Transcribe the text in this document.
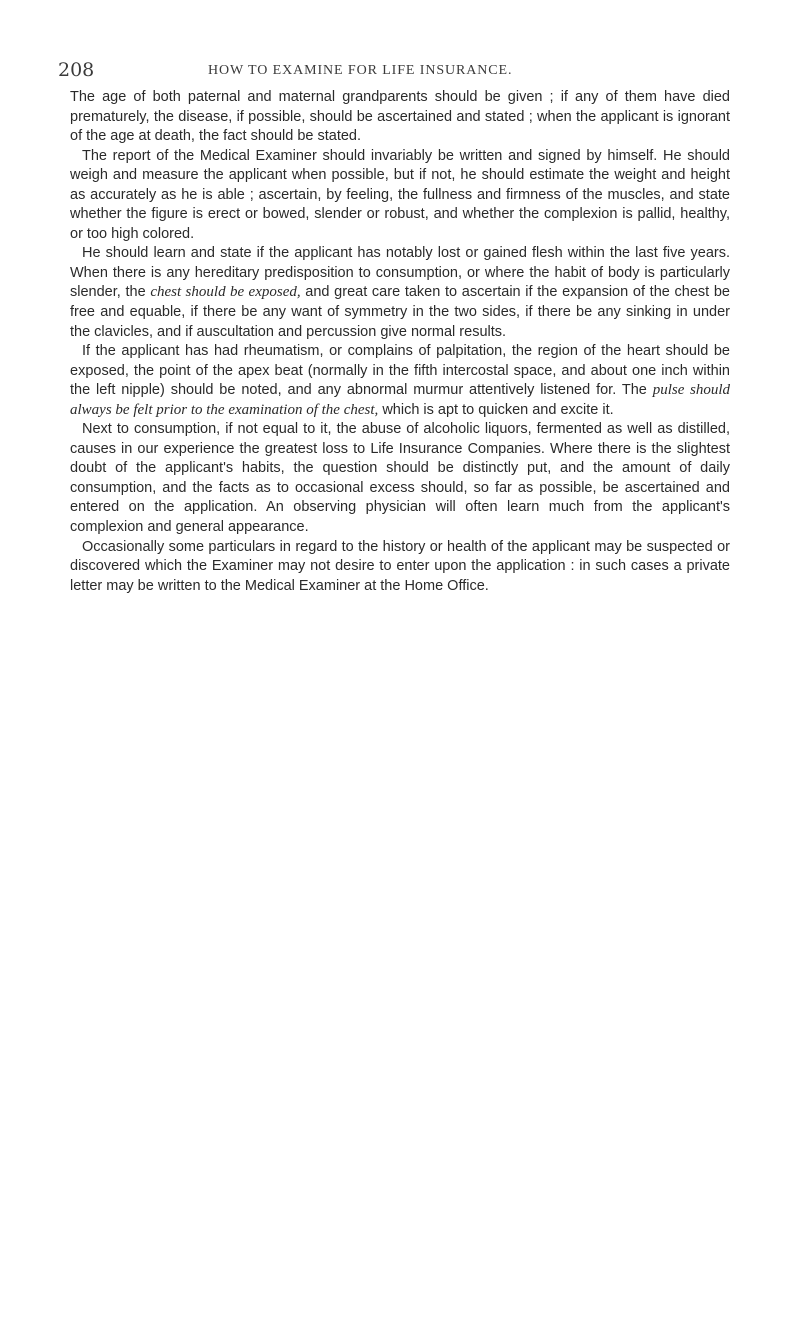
208	HOW TO EXAMINE FOR LIFE INSURANCE.

The age of both paternal and maternal grandparents should be given ; if any of them have died prematurely, the disease, if possible, should be ascertained and stated ; when the applicant is ignorant of the age at death, the fact should be stated.

The report of the Medical Examiner should invariably be written and signed by himself. He should weigh and measure the applicant when possible, but if not, he should estimate the weight and height as accurately as he is able ; ascertain, by feeling, the fullness and firmness of the muscles, and state whether the figure is erect or bowed, slender or robust, and whether the complexion is pallid, healthy, or too high colored.

He should learn and state if the applicant has notably lost or gained flesh within the last five years. When there is any hereditary predisposition to consumption, or where the habit of body is particularly slender, the chest should be exposed, and great care taken to ascertain if the expansion of the chest be free and equable, if there be any want of symmetry in the two sides, if there be any sinking in under the clavicles, and if auscultation and percussion give normal results.

If the applicant has had rheumatism, or complains of palpitation, the region of the heart should be exposed, the point of the apex beat (normally in the fifth intercostal space, and about one inch within the left nipple) should be noted, and any abnormal murmur attentively listened for. The pulse should always be felt prior to the examination of the chest, which is apt to quicken and excite it.

Next to consumption, if not equal to it, the abuse of alcoholic liquors, fermented as well as distilled, causes in our experience the greatest loss to Life Insurance Companies. Where there is the slightest doubt of the applicant's habits, the question should be distinctly put, and the amount of daily consumption, and the facts as to occasional excess should, so far as possible, be ascertained and entered on the application. An observing physician will often learn much from the applicant's complexion and general appearance.

Occasionally some particulars in regard to the history or health of the applicant may be suspected or discovered which the Examiner may not desire to enter upon the application : in such cases a private letter may be written to the Medical Examiner at the Home Office.
